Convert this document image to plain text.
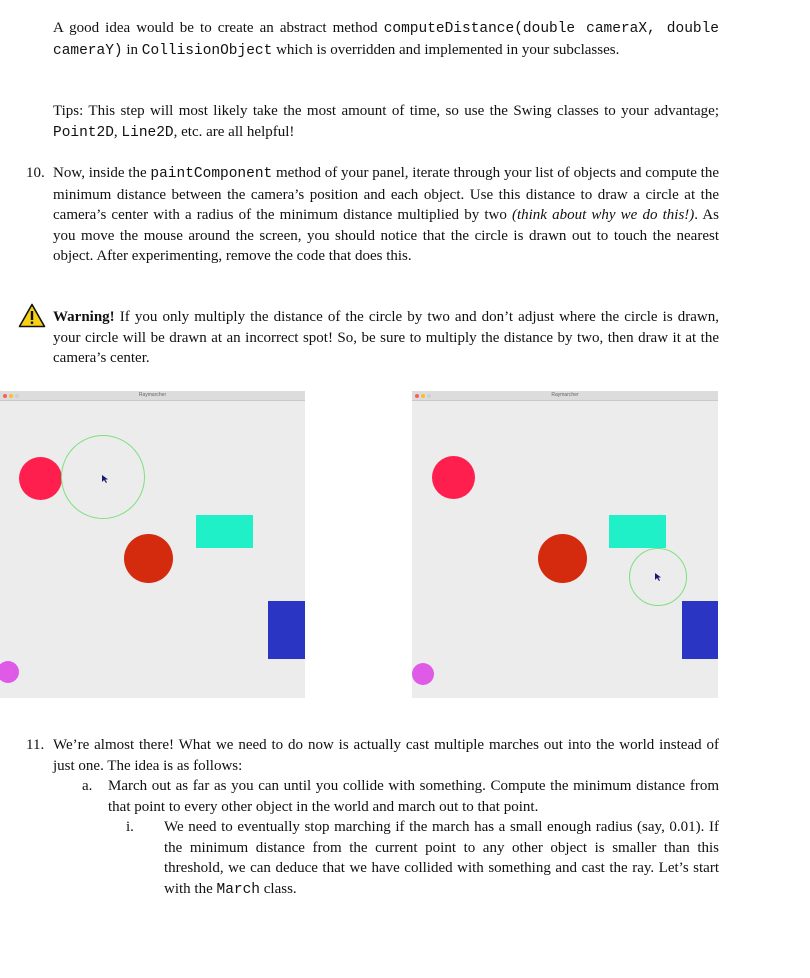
A good idea would be to create an abstract method computeDistance(double cameraX, double cameraY) in CollisionObject which is overridden and implemented in your subclasses.
Tips: This step will most likely take the most amount of time, so use the Swing classes to your advantage; Point2D, Line2D, etc. are all helpful!
10. Now, inside the paintComponent method of your panel, iterate through your list of objects and compute the minimum distance between the camera’s position and each object. Use this distance to draw a circle at the camera’s center with a radius of the minimum distance multiplied by two (think about why we do this!). As you move the mouse around the screen, you should notice that the circle is drawn out to touch the nearest object. After experimenting, remove the code that does this.
Warning! If you only multiply the distance of the circle by two and don’t adjust where the circle is drawn, your circle will be drawn at an incorrect spot! So, be sure to multiply the distance by two, then draw it at the camera’s center.
Raymarcher	Raymarcher
11. We’re almost there! What we need to do now is actually cast multiple marches out into the world instead of just one. The idea is as follows:
a. March out as far as you can until you collide with something. Compute the minimum distance from that point to every other object in the world and march out to that point.
i. We need to eventually stop marching if the march has a small enough radius (say, 0.01). If the minimum distance from the current point to any other object is smaller than this threshold, we can deduce that we have collided with something and cast the ray. Let’s start with the March class.
